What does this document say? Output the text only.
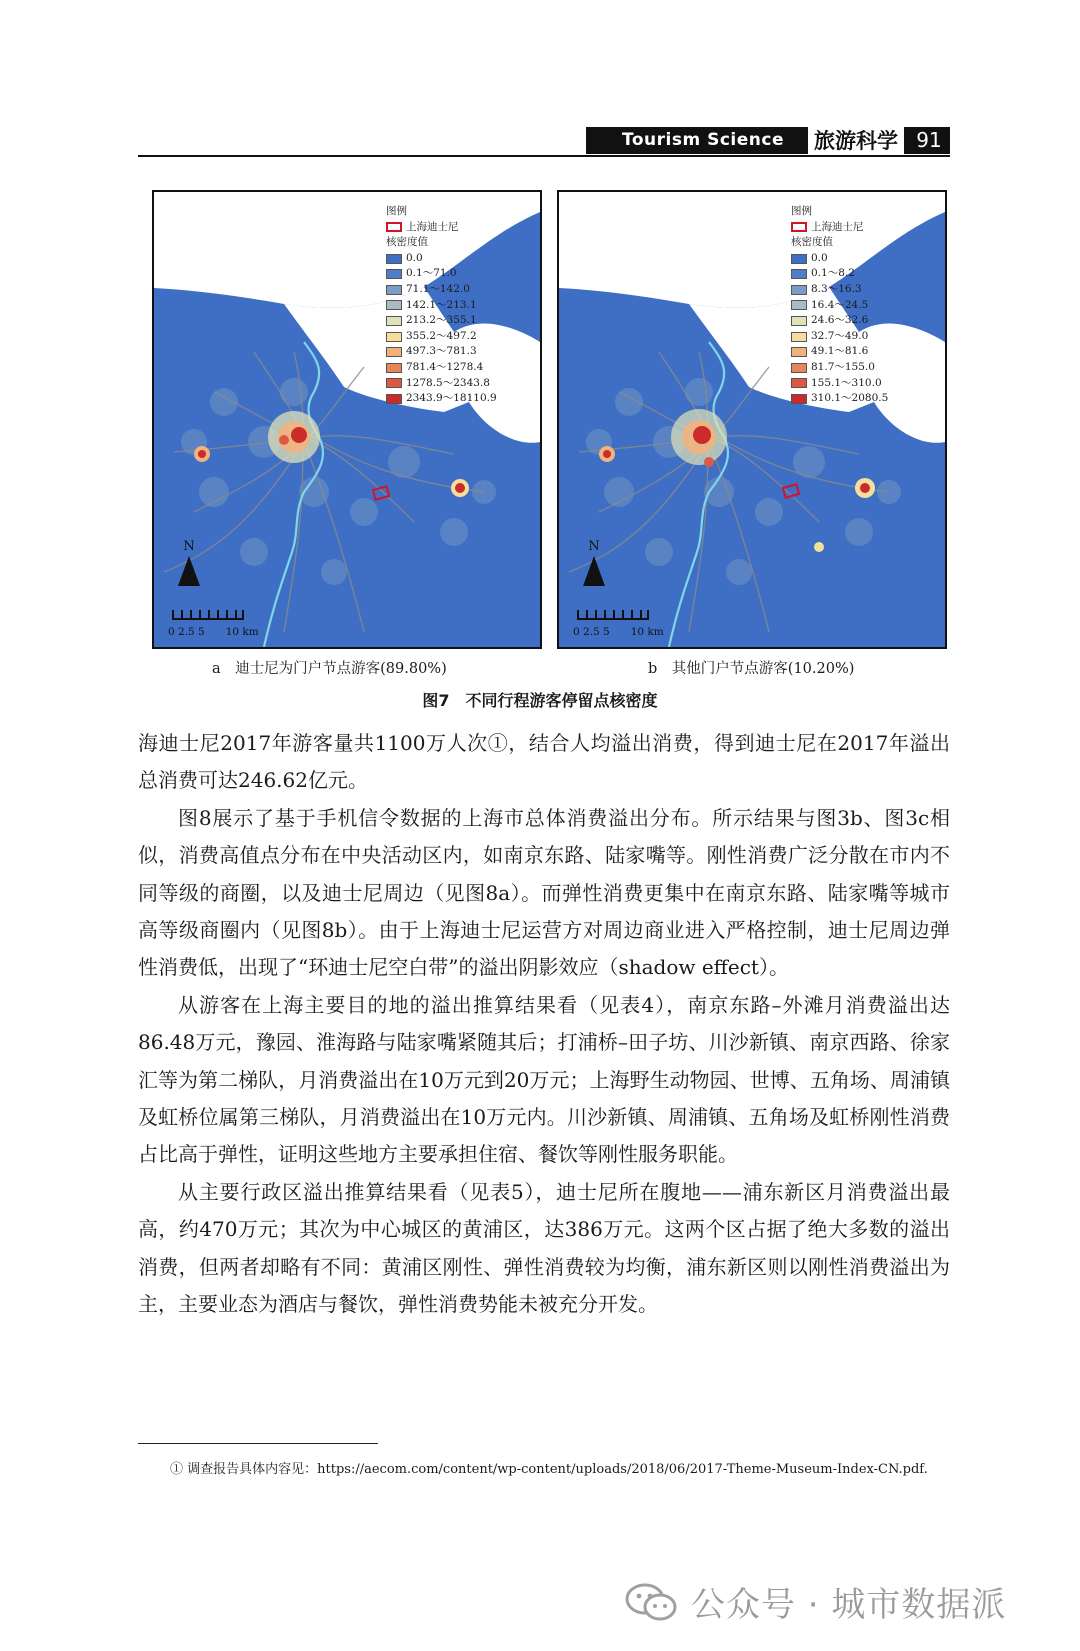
Tourism Science 旅游科学 91
图例
上海迪士尼
核密度值
0.0
0.1～71.0
71.1～142.0
142.1～213.1
213.2～355.1
355.2～497.2
497.3～781.3
781.4～1278.4
1278.5～2343.8
2343.9～18110.9
N
0 2.5 5　　10 km
图例
上海迪士尼
核密度值
0.0
0.1～8.2
8.3～16.3
16.4～24.5
24.6～32.6
32.7～49.0
49.1～81.6
81.7～155.0
155.1～310.0
310.1～2080.5
N
0 2.5 5　　10 km
a　迪士尼为门户节点游客(89.80%)	b　其他门户节点游客(10.20%)
图7　不同行程游客停留点核密度

海迪士尼2017年游客量共1100万人次①，结合人均溢出消费，得到迪士尼在2017年溢出总消费可达246.62亿元。

图8展示了基于手机信令数据的上海市总体消费溢出分布。所示结果与图3b、图3c相似，消费高值点分布在中央活动区内，如南京东路、陆家嘴等。刚性消费广泛分散在市内不同等级的商圈，以及迪士尼周边（见图8a）。而弹性消费更集中在南京东路、陆家嘴等城市高等级商圈内（见图8b）。由于上海迪士尼运营方对周边商业进入严格控制，迪士尼周边弹性消费低，出现了“环迪士尼空白带”的溢出阴影效应（shadow effect）。

从游客在上海主要目的地的溢出推算结果看（见表4），南京东路–外滩月消费溢出达86.48万元，豫园、淮海路与陆家嘴紧随其后；打浦桥–田子坊、川沙新镇、南京西路、徐家汇等为第二梯队，月消费溢出在10万元到20万元；上海野生动物园、世博、五角场、周浦镇及虹桥位属第三梯队，月消费溢出在10万元内。川沙新镇、周浦镇、五角场及虹桥刚性消费占比高于弹性，证明这些地方主要承担住宿、餐饮等刚性服务职能。

从主要行政区溢出推算结果看（见表5），迪士尼所在腹地——浦东新区月消费溢出最高，约470万元；其次为中心城区的黄浦区，达386万元。这两个区占据了绝大多数的溢出消费，但两者却略有不同：黄浦区刚性、弹性消费较为均衡，浦东新区则以刚性消费溢出为主，主要业态为酒店与餐饮，弹性消费势能未被充分开发。

① 调查报告具体内容见：https://aecom.com/content/wp-content/uploads/2018/06/2017-Theme-Museum-Index-CN.pdf.
公众号 · 城市数据派
